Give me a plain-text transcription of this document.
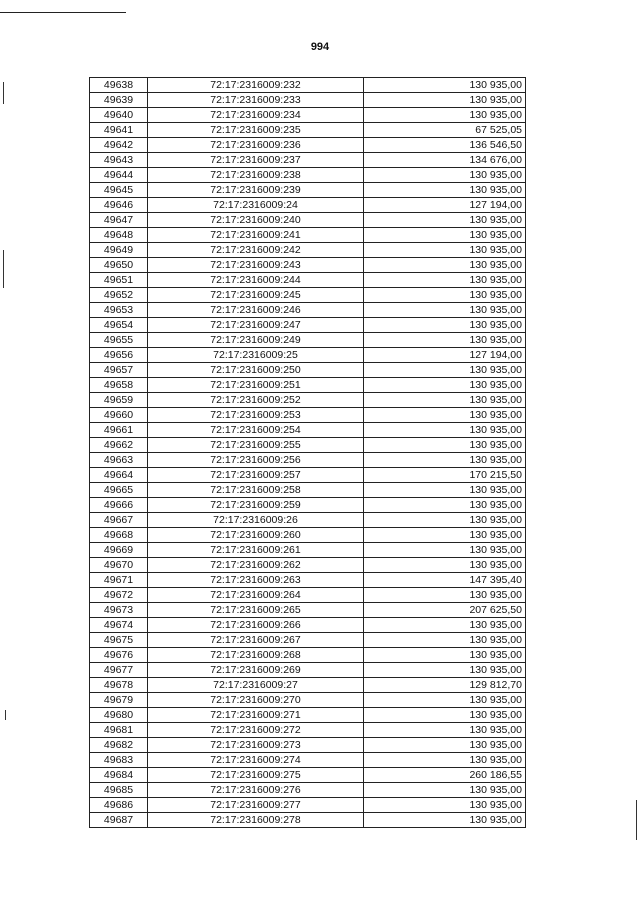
994
49638	72:17:2316009:232	130 935,00
49639	72:17:2316009:233	130 935,00
49640	72:17:2316009:234	130 935,00
49641	72:17:2316009:235	67 525,05
49642	72:17:2316009:236	136 546,50
49643	72:17:2316009:237	134 676,00
49644	72:17:2316009:238	130 935,00
49645	72:17:2316009:239	130 935,00
49646	72:17:2316009:24	127 194,00
49647	72:17:2316009:240	130 935,00
49648	72:17:2316009:241	130 935,00
49649	72:17:2316009:242	130 935,00
49650	72:17:2316009:243	130 935,00
49651	72:17:2316009:244	130 935,00
49652	72:17:2316009:245	130 935,00
49653	72:17:2316009:246	130 935,00
49654	72:17:2316009:247	130 935,00
49655	72:17:2316009:249	130 935,00
49656	72:17:2316009:25	127 194,00
49657	72:17:2316009:250	130 935,00
49658	72:17:2316009:251	130 935,00
49659	72:17:2316009:252	130 935,00
49660	72:17:2316009:253	130 935,00
49661	72:17:2316009:254	130 935,00
49662	72:17:2316009:255	130 935,00
49663	72:17:2316009:256	130 935,00
49664	72:17:2316009:257	170 215,50
49665	72:17:2316009:258	130 935,00
49666	72:17:2316009:259	130 935,00
49667	72:17:2316009:26	130 935,00
49668	72:17:2316009:260	130 935,00
49669	72:17:2316009:261	130 935,00
49670	72:17:2316009:262	130 935,00
49671	72:17:2316009:263	147 395,40
49672	72:17:2316009:264	130 935,00
49673	72:17:2316009:265	207 625,50
49674	72:17:2316009:266	130 935,00
49675	72:17:2316009:267	130 935,00
49676	72:17:2316009:268	130 935,00
49677	72:17:2316009:269	130 935,00
49678	72:17:2316009:27	129 812,70
49679	72:17:2316009:270	130 935,00
49680	72:17:2316009:271	130 935,00
49681	72:17:2316009:272	130 935,00
49682	72:17:2316009:273	130 935,00
49683	72:17:2316009:274	130 935,00
49684	72:17:2316009:275	260 186,55
49685	72:17:2316009:276	130 935,00
49686	72:17:2316009:277	130 935,00
49687	72:17:2316009:278	130 935,00
